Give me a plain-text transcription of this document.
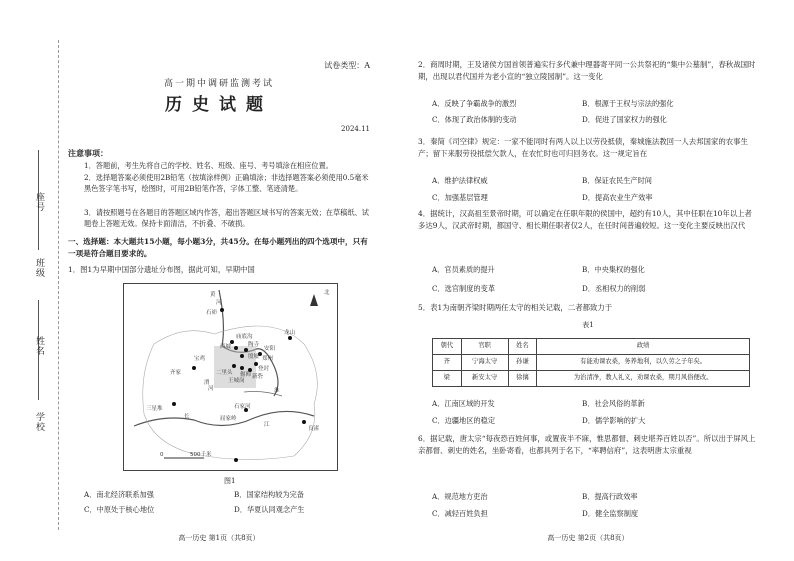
学校
姓名
班级
座号
试卷类型：A
高一期中调研监测考试
历史试题
2024.11
注意事项：
1．答题前，考生先将自己的学校、姓名、班级、座号、考号填涂在相应位置。
2．选择题答案必须使用2B铅笔（按填涂样例）正确填涂；非选择题答案必须使用0.5毫米黑色签字笔书写，绘图时，可用2B铅笔作答，字体工整、笔迹清楚。
3．请按照题号在各题目的答题区域内作答，超出答题区域书写的答案无效；在草稿纸、试题卷上答题无效。保持卡面清洁，不折叠、不破损。
一、选择题：本大题共15小题，每小题3分，共45分。在每小题列出的四个选项中，只有一项是符合题目要求的。
1．图1为早期中国部分遗址分布图，据此可知，早期中国
黄
河
石峁
庙底沟
西坡	陶寺
龙山
二里头
王城岗
偃师 新砦
登封
郑州
安阳
殷墟
宝鸡
渭
河
齐家
长
江
三星堆
良渚
石家河
屈家岭
北
淮
0	500千米
图1
A．南北经济联系加强	B．国家结构较为完备
C．中原处于核心地位	D．华夏认同观念产生
高一历史 第1页（共8页）
2．商周时期，王及诸侯方国首领普遍实行多代兼中理器寄平同一公共祭祀的“集中公墓制”，春秋战国时期，出现以君代国并为老小宣的“独立陵园制”。这一变化
A．反映了争霸战争的激烈	B．根源于王权与宗法的强化
C．体现了政治体制的变动	D．促进了国家权力的强化
3．秦简《司空律》规定：一家不能同时有两人以上以劳役抵债，秦城施法教回一人去邦国家的农事生产；留下来服劳役抵偿欠款人，在农忙时也可归回务农。这一规定旨在
A．维护法律权威	B．保证农民生产时间
C．加强基层管理	D．提高农业生产效率
4．据统计，汉高祖至景帝时期，可以确定在任职年限的侯国中，超约有10人，其中任职在10年以上者多达9人，汉武帝时期，都国守、相长期任职者仅2人，在任时间普遍较短。这一变化主要反映出汉代
A．官员素质的提升	B．中央集权的强化
C．选官制度的变革	D．丞相权力的削弱
5．表1为南朝齐梁时期两任太守的相关记载，二者都致力于
表1
朝代	官职	姓名	政绩
齐	宁海太守	孙谦	有能劝课农桑，务养地利，以久劳之子年矣。
梁	新安太守	徐摛	为治清净，教人礼义，劝课农桑，期月风俗便改。
A．江南区域的开发	B．社会风俗的革新
C．边疆地区的稳定	D．儒学影响的扩大
6．据记载，唐太宗“每夜恐百姓何事，或置夜半不寐，惟思都督、刺史堪养百姓以否”。所以出于屏风上亲都督、刺史的姓名，坐卧寄看，也都具列于名下，“率聘信府”，这表明唐太宗重视
A．规范地方吏治	B．提高行政效率
C．减轻百姓负担	D．健全监察制度
高一历史 第2页（共8页）
